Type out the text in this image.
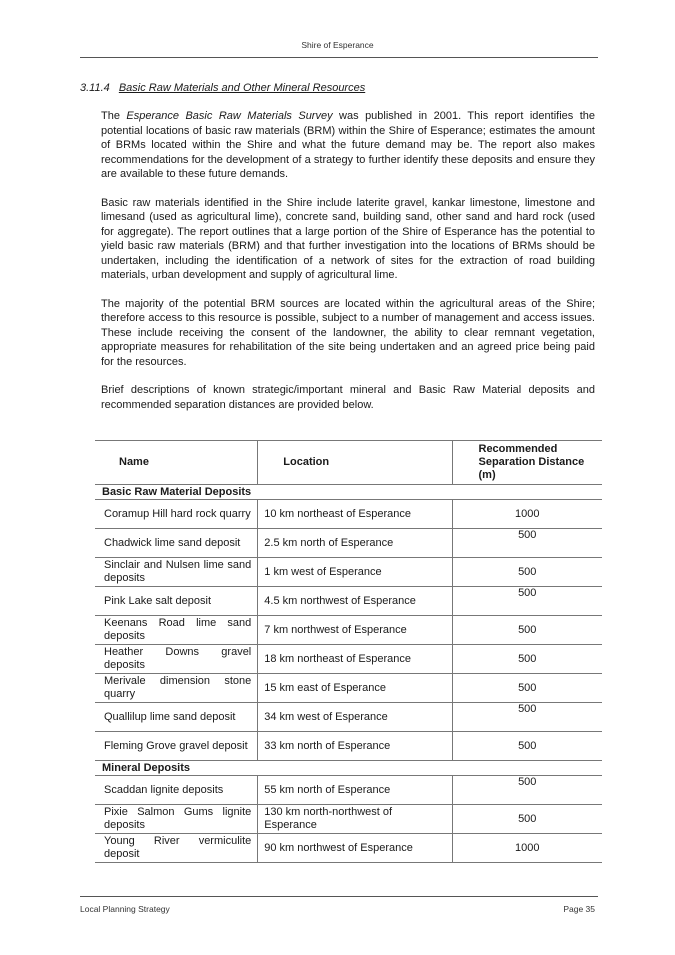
Shire of Esperance
3.11.4 Basic Raw Materials and Other Mineral Resources

The Esperance Basic Raw Materials Survey was published in 2001. This report identifies the potential locations of basic raw materials (BRM) within the Shire of Esperance; estimates the amount of BRMs located within the Shire and what the future demand may be. The report also makes recommendations for the development of a strategy to further identify these deposits and ensure they are available to these future demands.

Basic raw materials identified in the Shire include laterite gravel, kankar limestone, limestone and limesand (used as agricultural lime), concrete sand, building sand, other sand and hard rock (used for aggregate). The report outlines that a large portion of the Shire of Esperance has the potential to yield basic raw materials (BRM) and that further investigation into the locations of BRMs should be undertaken, including the identification of a network of sites for the extraction of road building materials, urban development and supply of agricultural lime.

The majority of the potential BRM sources are located within the agricultural areas of the Shire; therefore access to this resource is possible, subject to a number of management and access issues. These include receiving the consent of the landowner, the ability to clear remnant vegetation, appropriate measures for rehabilitation of the site being undertaken and an agreed price being paid for the resources.

Brief descriptions of known strategic/important mineral and Basic Raw Material deposits and recommended separation distances are provided below.

Name	Location	Recommended Separation Distance (m)
Basic Raw Material Deposits		
Coramup Hill hard rock quarry	10 km northeast of Esperance	1000
Chadwick lime sand deposit	2.5 km north of Esperance	500
Sinclair and Nulsen lime sand deposits	1 km west of Esperance	500
Pink Lake salt deposit	4.5 km northwest of Esperance	500
Keenans Road lime sand deposits	7 km northwest of Esperance	500
Heather Downs gravel deposits	18 km northeast of Esperance	500
Merivale dimension stone quarry	15 km east of Esperance	500
Quallilup lime sand deposit	34 km west of Esperance	500
Fleming Grove gravel deposit	33 km north of Esperance	500
Mineral Deposits		
Scaddan lignite deposits	55 km north of Esperance	500
Pixie Salmon Gums lignite deposits	130 km north-northwest of Esperance	500
Young River vermiculite deposit	90 km northwest of Esperance	1000
Local Planning Strategy	Page 35
